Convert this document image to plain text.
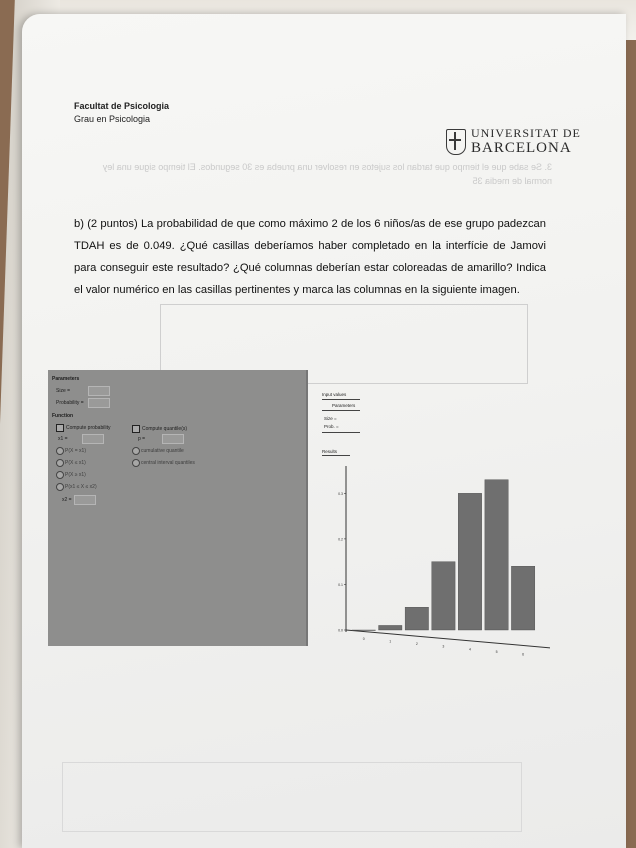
Facultat de Psicologia
Grau en Psicologia
UNIVERSITAT DE
BARCELONA
3. Se sabe que el tiempo que tardan los sujetos en resolver una prueba es 30 segundos. El tiempo sigue una ley normal de media 35
b) (2 puntos) La probabilidad de que como máximo 2 de los 6 niños/as de ese grupo padezcan TDAH es de 0.049. ¿Qué casillas deberíamos haber completado en la interfície de Jamovi para conseguir este resultado? ¿Qué columnas deberían estar coloreadas de amarillo? Indica el valor numérico en las casillas pertinentes y marca las columnas en la siguiente imagen.
Parameters
Size =
Probability =
Function
Compute probability	Compute quantile(s)
x1 =	p =
P(X = x1)
P(X ≤ x1)
P(X ≥ x1)
P(x1 ≤ X ≤ x2)
x2 =
cumulative quantile
central interval quantiles
Input values
Parameters
Size =
Prob. =
Results
0.0
0.1
0.2
0.3
0
1
2
3
4
5
6
